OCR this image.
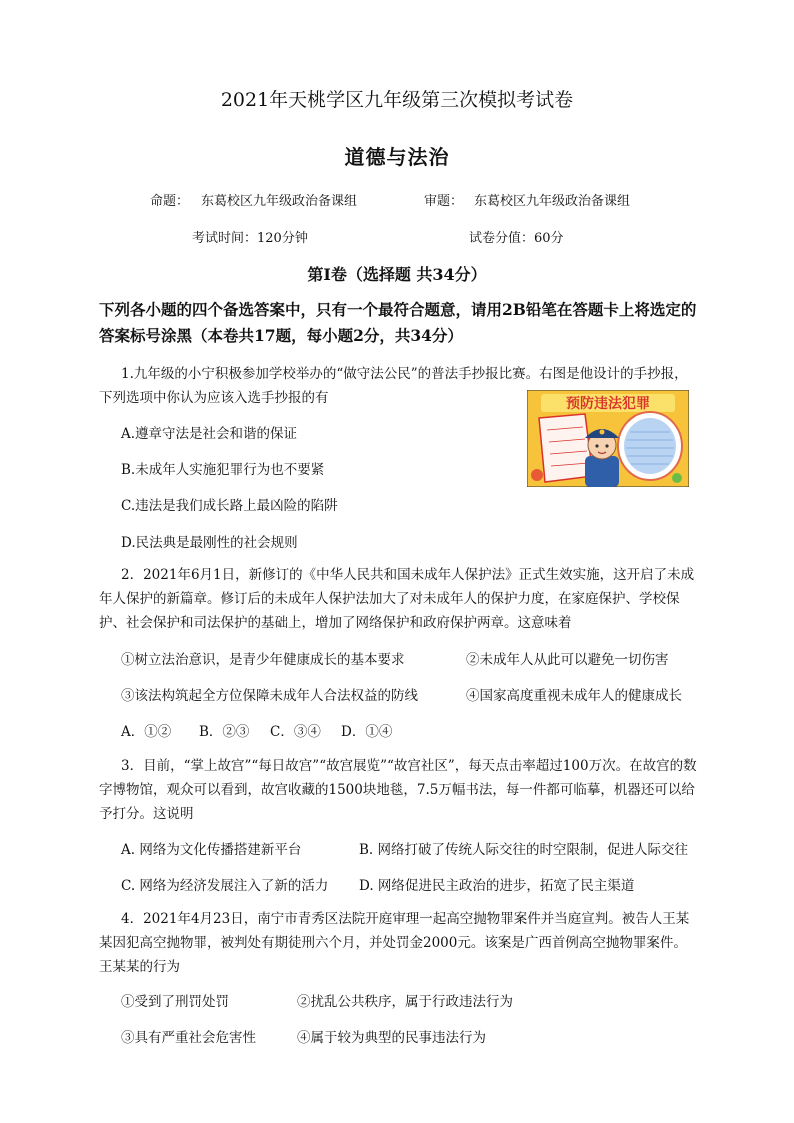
2021年天桃学区九年级第三次模拟考试卷
道德与法治
命题： 东葛校区九年级政治备课组	审题： 东葛校区九年级政治备课组
考试时间：120分钟	试卷分值：60分
第Ⅰ卷（选择题 共34分）
下列各小题的四个备选答案中，只有一个最符合题意，请用2B铅笔在答题卡上将选定的答案标号涂黑（本卷共17题，每小题2分，共34分）
1.九年级的小宁积极参加学校举办的“做守法公民”的普法手抄报比赛。右图是他设计的手抄报，下列选项中你认为应该入选手抄报的有
A.遵章守法是社会和谐的保证
B.未成年人实施犯罪行为也不要紧
C.违法是我们成长路上最凶险的陷阱
D.民法典是最刚性的社会规则
预防违法犯罪
2．2021年6月1日，新修订的《中华人民共和国未成年人保护法》正式生效实施，这开启了未成年人保护的新篇章。修订后的未成年人保护法加大了对未成年人的保护力度，在家庭保护、学校保护、社会保护和司法保护的基础上，增加了网络保护和政府保护两章。这意味着
①树立法治意识，是青少年健康成长的基本要求	②未成年人从此可以避免一切伤害
③该法构筑起全方位保障未成年人合法权益的防线	④国家高度重视未成年人的健康成长
A．①② B．②③ C．③④ D．①④
3．目前，“掌上故宫”“每日故宫”“故宫展览”“故宫社区”，每天点击率超过100万次。在故宫的数字博物馆，观众可以看到，故宫收藏的1500块地毯，7.5万幅书法，每一件都可临摹，机器还可以给予打分。这说明
A. 网络为文化传播搭建新平台	B. 网络打破了传统人际交往的时空限制，促进人际交往
C. 网络为经济发展注入了新的活力 D. 网络促进民主政治的进步，拓宽了民主渠道
4．2021年4月23日，南宁市青秀区法院开庭审理一起高空抛物罪案件并当庭宣判。被告人王某某因犯高空抛物罪，被判处有期徒刑六个月，并处罚金2000元。该案是广西首例高空抛物罪案件。王某某的行为
①受到了刑罚处罚	②扰乱公共秩序，属于行政违法行为
③具有严重社会危害性	④属于较为典型的民事违法行为
